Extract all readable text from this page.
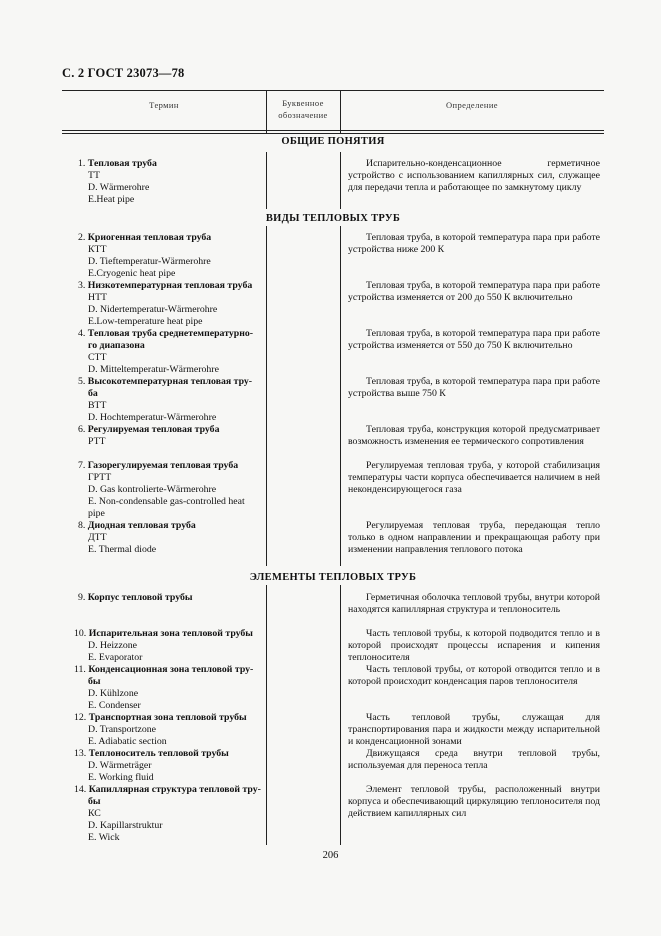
С. 2 ГОСТ 23073—78
Термин	Буквенное
обозначение
Определение
ОБЩИЕ ПОНЯТИЯ
ВИДЫ ТЕПЛОВЫХ ТРУБ
ЭЛЕМЕНТЫ ТЕПЛОВЫХ ТРУБ
1. Тепловая труба
ТТ
D. Wärmerohre
E.Heat pipe
Испарительно-конденсационное герметичное устройство с использованием капиллярных сил, служащее для передачи тепла и работающее по замкнутому циклу
2. Криогенная тепловая труба
КТТ
D. Tieftemperatur-Wärmerohre
E.Cryogenic heat pipe
Тепловая труба, в которой температура пара при работе устройства ниже 200 К
3. Низкотемпературная тепловая труба
НТТ
D. Nidertemperatur-Wärmerohre
E.Low-temperature heat pipe
Тепловая труба, в которой температура пара при работе устройства изменяется от 200 до 550 К включительно
4. Тепловая труба среднетемпературно-
го диапазона
СТТ
D. Mitteltemperatur-Wärmerohre
Тепловая труба, в которой температура пара при работе устройства изменяется от 550 до 750 К включительно
5. Высокотемпературная тепловая тру-
ба
ВТТ
D. Hochtemperatur-Wärmerohre
Тепловая труба, в которой температура пара при работе устройства выше 750 К
6. Регулируемая тепловая труба
РТТ
Тепловая труба, конструкция которой предусматривает возможность изменения ее термического сопротивления
7. Газорегулируемая тепловая труба
ГРТТ
D. Gas kontrolierte-Wärmerohre
E. Non-condensable gas-controlled heat
pipe
Регулируемая тепловая труба, у которой стабилизация температуры части корпуса обеспечивается наличием в ней неконденсирующегося газа
8. Диодная тепловая труба
ДТТ
E. Thermal diode
Регулируемая тепловая труба, передающая тепло только в одном направлении и прекращающая работу при изменении направления теплового потока
9. Корпус тепловой трубы	Герметичная оболочка тепловой трубы, внутри которой находятся капиллярная структура и теплоноситель
10. Испарительная зона тепловой трубы
D. Heizzone
E. Evaporator
Часть тепловой трубы, к которой подводится тепло и в которой происходят процессы испарения и кипения теплоносителя
11. Конденсационная зона тепловой тру-
бы
D. Kühlzone
E. Condenser
Часть тепловой трубы, от которой отводится тепло и в которой происходит конденсация паров теплоносителя
12. Транспортная зона тепловой трубы
D. Transportzone
E. Adiabatic section
Часть тепловой трубы, служащая для транспортирования пара и жидкости между испарительной и конденсационной зонами
13. Теплоноситель тепловой трубы
D. Wärmeträger
E. Working fluid
Движущаяся среда внутри тепловой трубы, используемая для переноса тепла
14. Капиллярная структура тепловой тру-
бы
КС
D. Kapillarstruktur
E. Wick
Элемент тепловой трубы, расположенный внутри корпуса и обеспечивающий циркуляцию теплоносителя под действием капиллярных сил
206
